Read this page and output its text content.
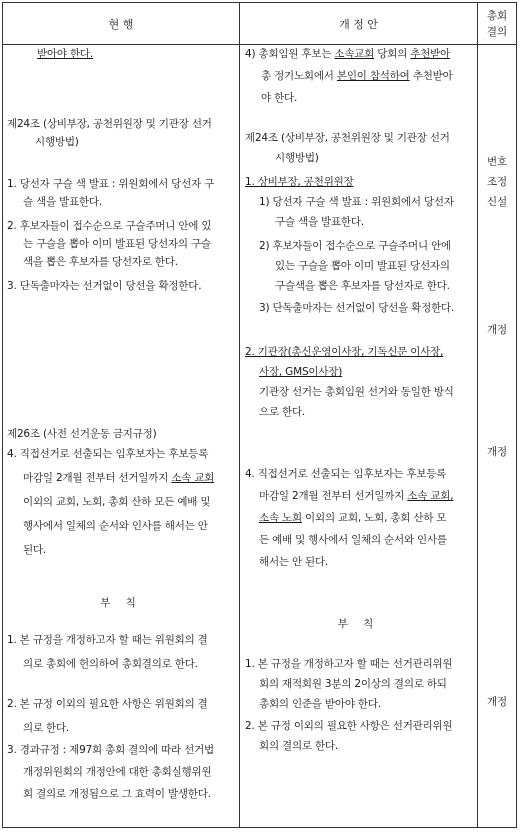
현 행	개 정 안
총회
결의
받아야 한다.
제24조 (상비부장, 공천위원장 및 기관장 선거
시행방법)
1. 당선자 구슬 색 발표 : 위원회에서 당선자 구
슬 색을 발표한다.
2. 후보자들이 접수순으로 구슬주머니 안에 있
는 구슬을 뽑아 이미 발표된 당선자의 구슬
색을 뽑은 후보자를 당선자로 한다.
3. 단독출마자는 선거없이 당선을 확정한다.
제26조 (사전 선거운동 금지규정)
4. 직접선거로 선출되는 임후보자는 후보등록
마감일 2개월 전부터 선거일까지 소속 교회
이외의 교회, 노회, 총회 산하 모든 예배 및
행사에서 일체의 순서와 인사를 해서는 안
된다.
부 칙
1. 본 규정을 개정하고자 할 때는 위원회의 결
의로 총회에 헌의하여 총회결의로 한다.
2. 본 규정 이외의 필요한 사항은 위원회의 결
의로 한다.
3. 경과규정 : 제97회 총회 결의에 따라 선거법
개정위원회의 개정안에 대한 총회실행위원
회 결의로 개정됨으로 그 효력이 발생한다.
4) 총회임원 후보는 소속교회 당회의 추천받아
총 정기노회에서 본인이 참석하여 추천받아
야 한다.
제24조 (상비부장, 공천위원장 및 기관장 선거
시행방법)
1. 상비부장, 공천위원장
1) 당선자 구슬 색 발표 : 위원회에서 당선자
구슬 색을 발표한다.
2) 후보자들이 접수순으로 구슬주머니 안에
있는 구슬을 뽑아 이미 발표된 당선자의
구슬색을 뽑은 후보자를 당선자로 한다.
3) 단독출마자는 선거없이 당선을 확정한다.
2. 기관장(총신운영이사장, 기독신문 이사장,
사장, GMS이사장)
기관장 선거는 총회임원 선거와 동일한 방식
으로 한다.
4. 직접선거로 선출되는 임후보자는 후보등록
마감일 2개월 전부터 선거일까지 소속 교회,
소속 노회 이외의 교회, 노회, 총회 산하 모
든 예배 및 행사에서 일체의 순서와 인사를
해서는 안 된다.
부 칙
1. 본 규정을 개정하고자 할 때는 선거관리위원
회의 재적회원 3분의 2이상의 결의로 하되
총회의 인준을 받아야 한다.
2. 본 규정 이외의 필요한 사항은 선거관리위원
회의 결의로 한다.
번호
조정
신설
개정
개정
개정
